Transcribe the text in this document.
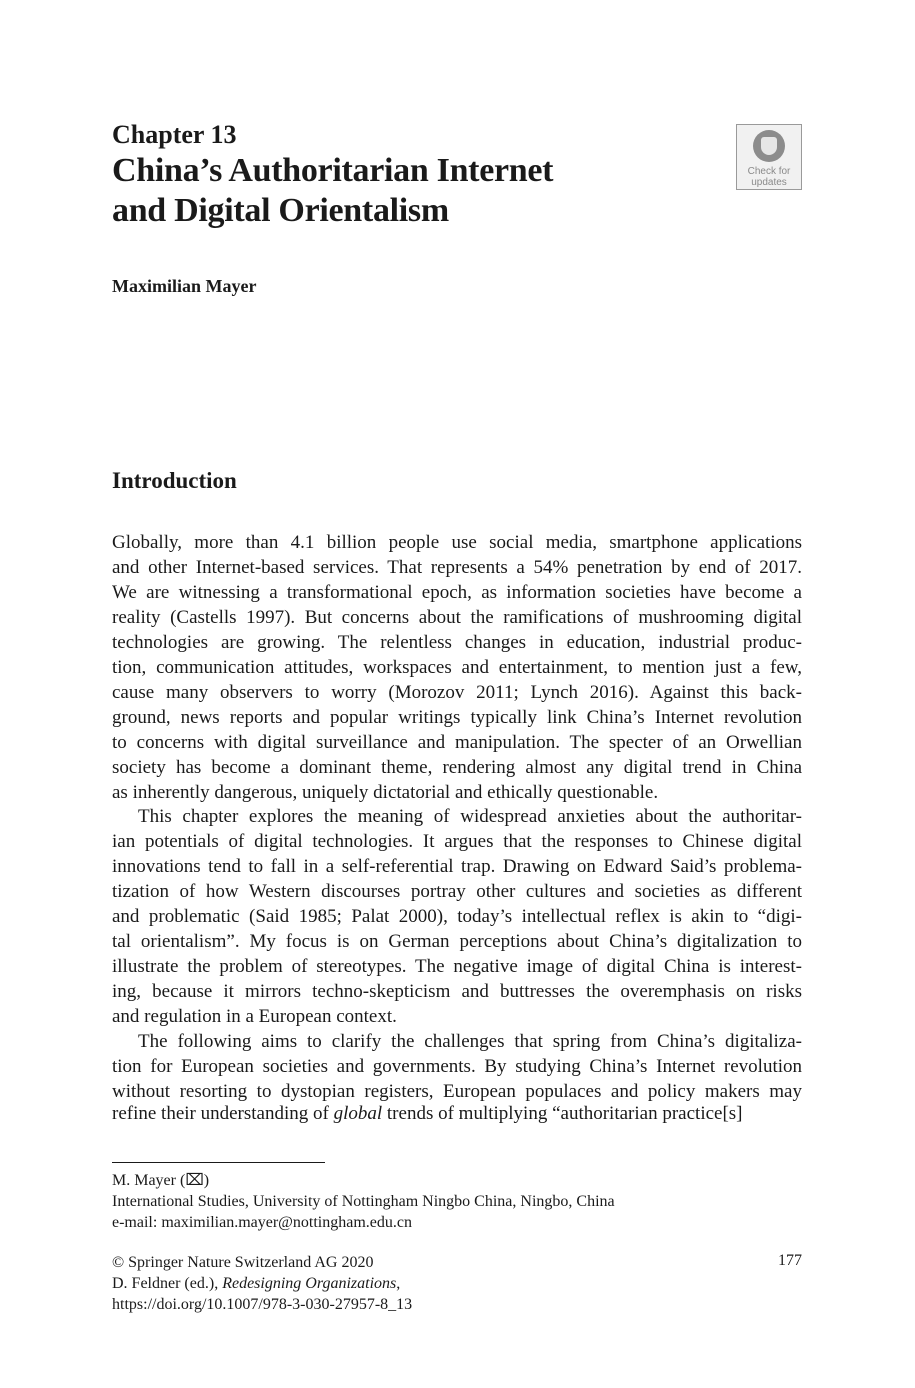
Chapter 13
China’s Authoritarian Internet
and Digital Orientalism
Check for
updates
Maximilian Mayer
Introduction
Globally, more than 4.1 billion people use social media, smartphone applications
and other Internet-based services. That represents a 54% penetration by end of 2017.
We are witnessing a transformational epoch, as information societies have become a
reality (Castells 1997). But concerns about the ramifications of mushrooming digital
technologies are growing. The relentless changes in education, industrial produc-
tion, communication attitudes, workspaces and entertainment, to mention just a few,
cause many observers to worry (Morozov 2011; Lynch 2016). Against this back-
ground, news reports and popular writings typically link China’s Internet revolution
to concerns with digital surveillance and manipulation. The specter of an Orwellian
society has become a dominant theme, rendering almost any digital trend in China
as inherently dangerous, uniquely dictatorial and ethically questionable.
This chapter explores the meaning of widespread anxieties about the authoritar-
ian potentials of digital technologies. It argues that the responses to Chinese digital
innovations tend to fall in a self-referential trap. Drawing on Edward Said’s problema-
tization of how Western discourses portray other cultures and societies as different
and problematic (Said 1985; Palat 2000), today’s intellectual reflex is akin to “digi-
tal orientalism”. My focus is on German perceptions about China’s digitalization to
illustrate the problem of stereotypes. The negative image of digital China is interest-
ing, because it mirrors techno-skepticism and buttresses the overemphasis on risks
and regulation in a European context.
The following aims to clarify the challenges that spring from China’s digitaliza-
tion for European societies and governments. By studying China’s Internet revolution
without resorting to dystopian registers, European populaces and policy makers may
refine their understanding of global trends of multiplying “authoritarian practice[s]
M. Mayer (⌧)
International Studies, University of Nottingham Ningbo China, Ningbo, China
e-mail: maximilian.mayer@nottingham.edu.cn
© Springer Nature Switzerland AG 2020	177
D. Feldner (ed.), Redesigning Organizations,
https://doi.org/10.1007/978-3-030-27957-8_13
